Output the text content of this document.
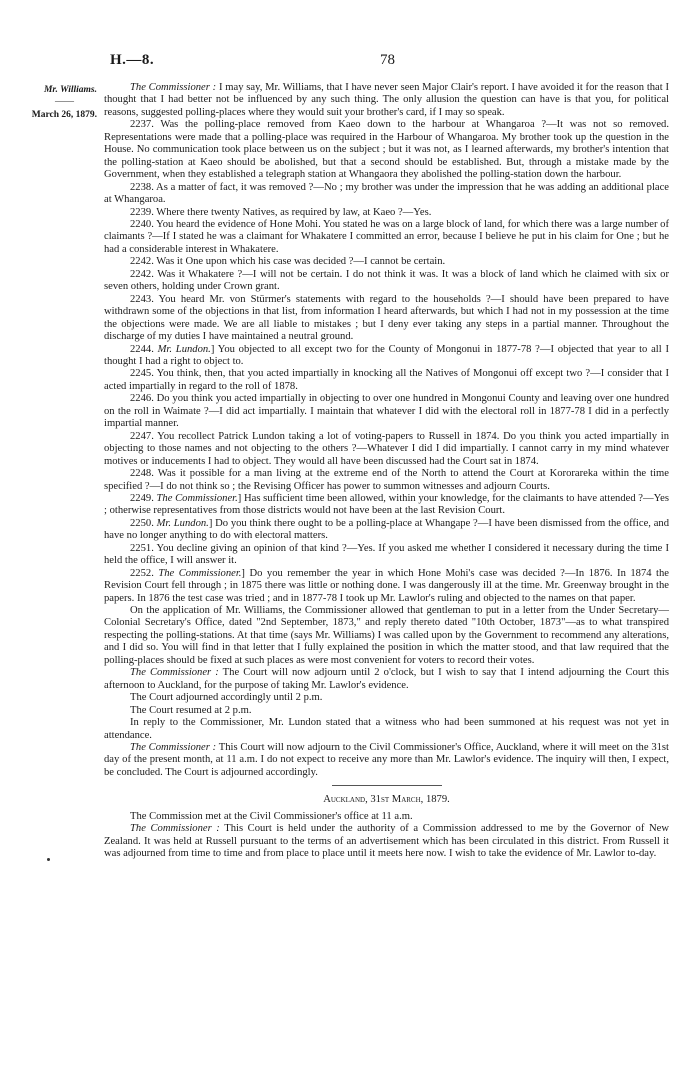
H.—8.	78
Mr. Williams.
——
March 26, 1879.

The Commissioner : I may say, Mr. Williams, that I have never seen Major Clair's report. I have avoided it for the reason that I thought that I had better not be influenced by any such thing. The only allusion the question can have is that you, for political reasons, suggested polling-places where they would suit your brother's card, if I may so speak.

2237. Was the polling-place removed from Kaeo down to the harbour at Whangaroa ?—It was not so removed. Representations were made that a polling-place was required in the Harbour of Whangaroa. My brother took up the question in the House. No communication took place between us on the subject ; but it was not, as I learned afterwards, my brother's intention that the polling-station at Kaeo should be abolished, but that a second should be established. But, through a mistake made by the Government, when they established a telegraph station at Whangaora they abolished the polling-station down the harbour.

2238. As a matter of fact, it was removed ?—No ; my brother was under the impression that he was adding an additional place at Whangaroa.

2239. Where there twenty Natives, as required by law, at Kaeo ?—Yes.

2240. You heard the evidence of Hone Mohi. You stated he was on a large block of land, for which there was a large number of claimants ?—If I stated he was a claimant for Whakatere I committed an error, because I believe he put in his claim for One ; but he had a considerable interest in Whakatere.

2242. Was it One upon which his case was decided ?—I cannot be certain.

2242. Was it Whakatere ?—I will not be certain. I do not think it was. It was a block of land which he claimed with six or seven others, holding under Crown grant.

2243. You heard Mr. von Stürmer's statements with regard to the households ?—I should have been prepared to have withdrawn some of the objections in that list, from information I heard afterwards, but which I had not in my possession at the time the objections were made. We are all liable to mistakes ; but I deny ever taking any steps in a partial manner. Throughout the discharge of my duties I have maintained a neutral ground.

2244. Mr. Lundon.] You objected to all except two for the County of Mongonui in 1877-78 ?—I objected that year to all I thought I had a right to object to.

2245. You think, then, that you acted impartially in knocking all the Natives of Mongonui off except two ?—I consider that I acted impartially in regard to the roll of 1878.

2246. Do you think you acted impartially in objecting to over one hundred in Mongonui County and leaving over one hundred on the roll in Waimate ?—I did act impartially. I maintain that whatever I did with the electoral roll in 1877-78 I did in a perfectly impartial manner.

2247. You recollect Patrick Lundon taking a lot of voting-papers to Russell in 1874. Do you think you acted impartially in objecting to those names and not objecting to the others ?—Whatever I did I did impartially. I cannot carry in my mind whatever motives or inducements I had to object. They would all have been discussed had the Court sat in 1874.

2248. Was it possible for a man living at the extreme end of the North to attend the Court at Kororareka within the time specified ?—I do not think so ; the Revising Officer has power to summon witnesses and adjourn Courts.

2249. The Commissioner.] Has sufficient time been allowed, within your knowledge, for the claimants to have attended ?—Yes ; otherwise representatives from those districts would not have been at the last Revision Court.

2250. Mr. Lundon.] Do you think there ought to be a polling-place at Whangape ?—I have been dismissed from the office, and have no longer anything to do with electoral matters.

2251. You decline giving an opinion of that kind ?—Yes. If you asked me whether I considered it necessary during the time I held the office, I will answer it.

2252. The Commissioner.] Do you remember the year in which Hone Mohi's case was decided ?—In 1876. In 1874 the Revision Court fell through ; in 1875 there was little or nothing done. I was dangerously ill at the time. Mr. Greenway brought in the papers. In 1876 the test case was tried ; and in 1877-78 I took up Mr. Lawlor's ruling and objected to the names on that paper.

On the application of Mr. Williams, the Commissioner allowed that gentleman to put in a letter from the Under Secretary—Colonial Secretary's Office, dated "2nd September, 1873," and reply thereto dated "10th October, 1873"—as to what transpired respecting the polling-stations. At that time (says Mr. Williams) I was called upon by the Government to recommend any alterations, and I did so. You will find in that letter that I fully explained the position in which the matter stood, and that law required that the polling-places should be fixed at such places as were most convenient for voters to record their votes.

The Commissioner : The Court will now adjourn until 2 o'clock, but I wish to say that I intend adjourning the Court this afternoon to Auckland, for the purpose of taking Mr. Lawlor's evidence.

The Court adjourned accordingly until 2 p.m.

The Court resumed at 2 p.m.

In reply to the Commissioner, Mr. Lundon stated that a witness who had been summoned at his request was not yet in attendance.

The Commissioner : This Court will now adjourn to the Civil Commissioner's Office, Auckland, where it will meet on the 31st day of the present month, at 11 a.m. I do not expect to receive any more than Mr. Lawlor's evidence. The inquiry will then, I expect, be concluded. The Court is adjourned accordingly.

Auckland, 31st March, 1879.

The Commission met at the Civil Commissioner's office at 11 a.m.

The Commissioner : This Court is held under the authority of a Commission addressed to me by the Governor of New Zealand. It was held at Russell pursuant to the terms of an advertisement which has been circulated in this district. From Russell it was adjourned from time to time and from place to place until it meets here now. I wish to take the evidence of Mr. Lawlor to-day.
